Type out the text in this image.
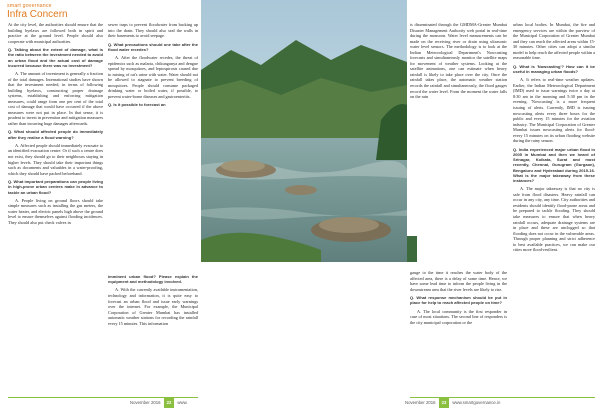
smart governance
Infra Concern

At the city level, the authorities should ensure that the building byelaws are followed both in spirit and practice at the ground level. People should also cooperate with municipal authorities.

Q. Talking about the extent of damage, what is the ratio between the investment needed to avoid an urban flood and the actual cost of damage incurred because there was no investment?

A. The amount of investment is generally a fraction of the total damages. International studies have shown that the investment needed, in terms of following building byelaws, constructing proper drainage systems, establishing and enforcing mitigation measures, could range from one per cent of the total cost of damage that would have occurred if the above measures were not put in place. In that sense, it is prudent to invest in prevention and mitigation measures rather than incurring huge damages afterwards.

Q. What should affected people do immediately after they realise a flood warning?

A. Affected people should immediately evacuate to an identified evacuation centre. Or if such a centre does not exist, they should go to their neighbours staying in higher levels. They should take their important things such as documents and valuables in a water-proofing, which they should have packed beforehand.

Q. What important preparations can people living in high-prone urban centres make in advance to tackle an urban flood?

A. People living on ground floors should take simple measures such as installing the gas meters, the water heater, and electric panels high above the ground level to ensure themselves against flooding incidences. They should also put check valves in

sewer traps to prevent floodwater from backing up into the drain. They should also seal the walls in their basements to avoid seepage.

Q. What precautions should one take after the flood water recedes?

A. After the floodwater recedes, the threat of epidemics such as malaria, chikungunya and dengue spread by mosquitoes, and leptospirosis caused due to mixing of rat's urine with water. Water should not be allowed to stagnate to prevent breeding of mosquitoes. People should consume packaged drinking water or boiled water, if possible, to prevent water-borne diseases and gastroenteritis.

Q. Is it possible to forecast an

imminent urban flood? Please explain the equipment and methodology involved.

A. With the currently available instrumentation, technology and information, it is quite easy to forecast an urban flood and issue early warnings over the internet. For example, the Municipal Corporation of Greater Mumbai has installed automatic weather stations for recording the rainfall every 15 minutes. This information

is disseminated through the GMDMA-Greater Mumbai Disaster Management Authority web portal in real-time during the monsoon. Water level measurements can be made on the receiving river or drain using ultrasonic water level sensors. The methodology is to look at the Indian Meteorological Department's Nowcasting forecasts and simultaneously monitor the satellite maps for movement of weather systems. Looking at the satellite animations, one can estimate when heavy rainfall is likely to take place over the city. Once the rainfall takes place, the automatic weather station records the rainfall and simultaneously, the flood gauges record the water level. From the moment the water falls on the rain

gauge to the time it reaches the water body of the affected area, there is a delay of some time. Hence, we have some lead time to inform the people living in the downstream area that the river levels are likely to rise.

Q. What response mechanism should be put in place for help to reach affected people on time?

A. The local community is the first responder in case of most situations. The second line of responders is the city municipal corporation or the

urban local bodies. In Mumbai, the fire and emergency services are within the purview of the Municipal Corporation of Greater Mumbai and they can reach the affected areas within 15-30 minutes. Other cities can adopt a similar model to help reach the affected people within a reasonable time.

Q. What is 'Nowcasting'? How can it be useful in managing urban floods?

A. It refers to real-time weather updates. Earlier, the Indian Meteorological Department (IMD) used to issue warnings twice a day at 8:30 am in the morning and 5:30 pm in the evening. 'Nowcasting' is a more frequent issuing of alerts. Currently, IMD is issuing nowcasting alerts every three hours for the public and every 15 minutes for the aviation industry. The Municipal Corporation of Greater Mumbai issues nowcasting alerts for flood-every 15 minutes on its urban flooding website during the rainy season.

Q. India experienced major urban flood in 2005 in Mumbai and then we heard of Srinagar, Kolkata, Surat and most recently, Chennai, Gurugram (Gurgaon), Bengaluru and Hyderabad during 2015-16. What is the major takeaway from these instances?

A. The major takeaway is that no city is safe from flood disasters. Heavy rainfall can occur in any city, any time. City authorities and residents should identify flood-prone areas and be prepared to tackle flooding. They should take measures to ensure that when heavy rainfall occurs, adequate drainage systems are in place and these are unclogged so that flooding does not occur in the vulnerable areas. Through proper planning and strict adherence to best available practices, we can make our cities more flood-resilient.

November 2016 22 www.	November 2016 23 www.smartgovernance.in
